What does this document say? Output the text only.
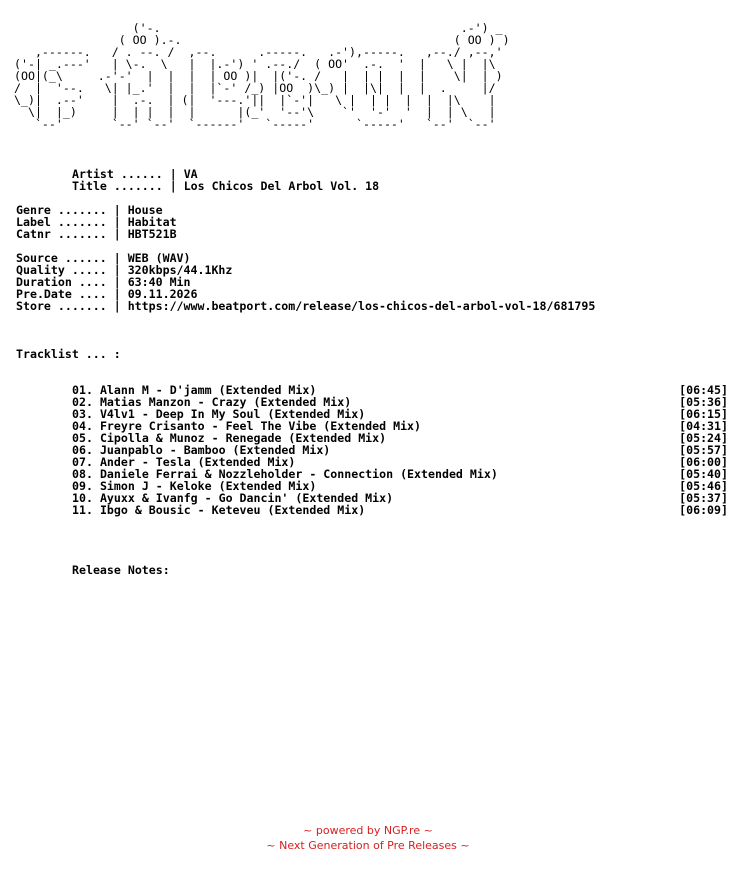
('-.                                           .-') _
( OO ).-.                                       ( OO ) )
,------.   / . --. /  ,--.      .-----.   .-'),-----.   ,--./ ,--,'
('-| _.---'   | \-.  \   |  |.-') ' .--./  ( OO'  .-.  '  |   \ |  |\
(OO|(_\     .-'-'  |  |  |  | OO )|  |('-. /   |  | |  |  |    \|  | )
/  |  '--.   \| |_.'  |  |  |`-' /_) |OO  )\_) |  |\|  |  |  .     |/
\_)|  .--'    |  .-.  | (|  '---.'||  |`-'|   \ |  | |  |  |  |\    |
\|  |_)     |  | |  |  |      |(_'  '--'\    `'  '-'  '  |  | \   |
`--'       `--' `--'  `------'   `-----'      `-----'   `--'  `--'
Artist ...... | VA
Title ....... | Los Chicos Del Arbol Vol. 18
Genre ....... | House
Label ....... | Habitat
Catnr ....... | HBT521B
Source ...... | WEB (WAV)
Quality ..... | 320kbps/44.1Khz
Duration .... | 63:40 Min
Pre.Date .... | 09.11.2026
Store ....... | https://www.beatport.com/release/los-chicos-del-arbol-vol-18/681795
Tracklist ... :
01. Alann M - D'jamm (Extended Mix)	[06:45]
02. Matias Manzon - Crazy (Extended Mix)	[05:36]
03. V4lv1 - Deep In My Soul (Extended Mix)	[06:15]
04. Freyre Crisanto - Feel The Vibe (Extended Mix)	[04:31]
05. Cipolla & Munoz - Renegade (Extended Mix)	[05:24]
06. Juanpablo - Bamboo (Extended Mix)	[05:57]
07. Ander - Tesla (Extended Mix)	[06:00]
08. Daniele Ferrai & Nozzleholder - Connection (Extended Mix)	[05:40]
09. Simon J - Keloke (Extended Mix)	[05:46]
10. Ayuxx & Ivanfg - Go Dancin' (Extended Mix)	[05:37]
11. Ibgo & Bousic - Keteveu (Extended Mix)	[06:09]
Release Notes:
~ powered by NGP.re ~
~ Next Generation of Pre Releases ~
